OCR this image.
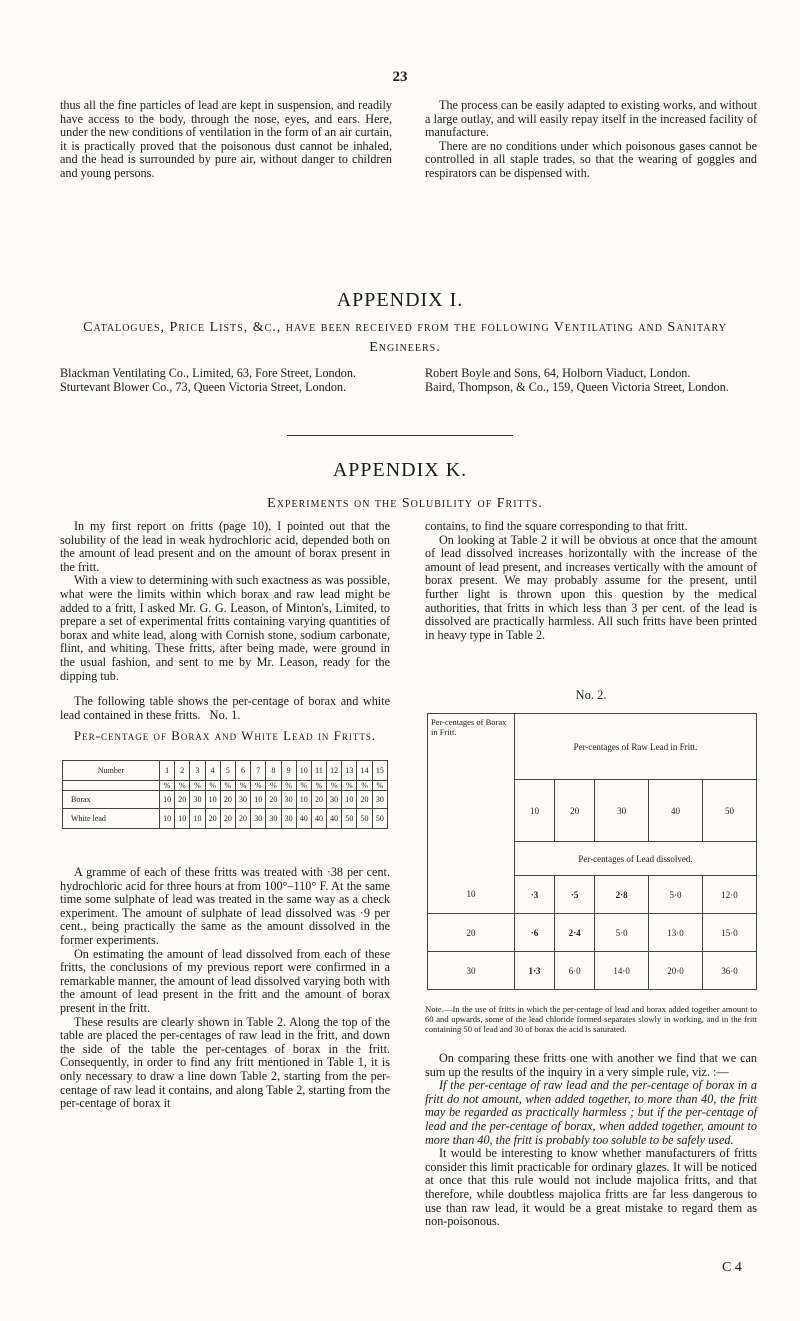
23

thus all the fine particles of lead are kept in suspension, and readily have access to the body, through the nose, eyes, and ears. Here, under the new conditions of ventilation in the form of an air curtain, it is practically proved that the poisonous dust cannot be inhaled, and the head is surrounded by pure air, without danger to children and young persons.

The process can be easily adapted to existing works, and without a large outlay, and will easily repay itself in the increased facility of manufacture.

There are no conditions under which poisonous gases cannot be controlled in all staple trades, so that the wearing of goggles and respirators can be dispensed with.

APPENDIX I.
Catalogues, Price Lists, &c., have been received from the following Ventilating and Sanitary Engineers.

Blackman Ventilating Co., Limited, 63, Fore Street, London.

Sturtevant Blower Co., 73, Queen Victoria Street, London.

Robert Boyle and Sons, 64, Holborn Viaduct, London.

Baird, Thompson, & Co., 159, Queen Victoria Street, London.

APPENDIX K.
Experiments on the Solubility of Fritts.

In my first report on fritts (page 10), I pointed out that the solubility of the lead in weak hydrochloric acid, depended both on the amount of lead present and on the amount of borax present in the fritt.

With a view to determining with such exactness as was possible, what were the limits within which borax and raw lead might be added to a fritt, I asked Mr. G. G. Leason, of Minton's, Limited, to prepare a set of experimental fritts containing varying quantities of borax and white lead, along with Cornish stone, sodium carbonate, flint, and whiting. These fritts, after being made, were ground in the usual fashion, and sent to me by Mr. Leason, ready for the dipping tub.

The following table shows the per-centage of borax and white lead contained in these fritts. No. 1.
Per-centage of Borax and White Lead in Fritts.
Number	1	2	3	4	5	6	7	8	9	10	11	12	13	14	15
	%	%	%	%	%	%	%	%	%	%	%	%	%	%	%
Borax	10	20	30	10	20	30	10	20	30	10	20	30	10	20	30
White lead	10	10	10	20	20	20	30	30	30	40	40	40	50	50	50

A gramme of each of these fritts was treated with ·38 per cent. hydrochloric acid for three hours at from 100°–110° F. At the same time some sulphate of lead was treated in the same way as a check experiment. The amount of sulphate of lead dissolved was ·9 per cent., being practically the same as the amount dissolved in the former experiments.

On estimating the amount of lead dissolved from each of these fritts, the conclusions of my previous report were confirmed in a remarkable manner, the amount of lead dissolved varying both with the amount of lead present in the fritt and the amount of borax present in the fritt.

These results are clearly shown in Table 2. Along the top of the table are placed the per-centages of raw lead in the fritt, and down the side of the table the per-centages of borax in the fritt. Consequently, in order to find any fritt mentioned in Table 1, it is only necessary to draw a line down Table 2, starting from the per-centage of raw lead it contains, and along Table 2, starting from the per-centage of borax it

contains, to find the square corresponding to that fritt.

On looking at Table 2 it will be obvious at once that the amount of lead dissolved increases horizontally with the increase of the amount of lead present, and increases vertically with the amount of borax present. We may probably assume for the present, until further light is thrown upon this question by the medical authorities, that fritts in which less than 3 per cent. of the lead is dissolved are practically harmless. All such fritts have been printed in heavy type in Table 2.

No. 2.
Per-centages of Borax in Fritt.	Per-centages of Raw Lead in Fritt.				
	10	20	30	40	50
	Per-centages of Lead dissolved.				
10	·3	·5	2·8	5·0	12·0
20	·6	2·4	5·0	13·0	15·0
30	1·3	6·0	14·0	20·0	36·0
Note.—In the use of fritts in which the per-centage of lead and borax added together amount to 60 and upwards, some of the lead chloride formed separates slowly in working, and in the fritt containing 50 of lead and 30 of borax the acid is saturated.

On comparing these fritts one with another we find that we can sum up the results of the inquiry in a very simple rule, viz. :—

If the per-centage of raw lead and the per-centage of borax in a fritt do not amount, when added together, to more than 40, the fritt may be regarded as practically harmless ; but if the per-centage of lead and the per-centage of borax, when added together, amount to more than 40, the fritt is probably too soluble to be safely used.

It would be interesting to know whether manufacturers of fritts consider this limit practicable for ordinary glazes. It will be noticed at once that this rule would not include majolica fritts, and that therefore, while doubtless majolica fritts are far less dangerous to use than raw lead, it would be a great mistake to regard them as non-poisonous.

C 4
